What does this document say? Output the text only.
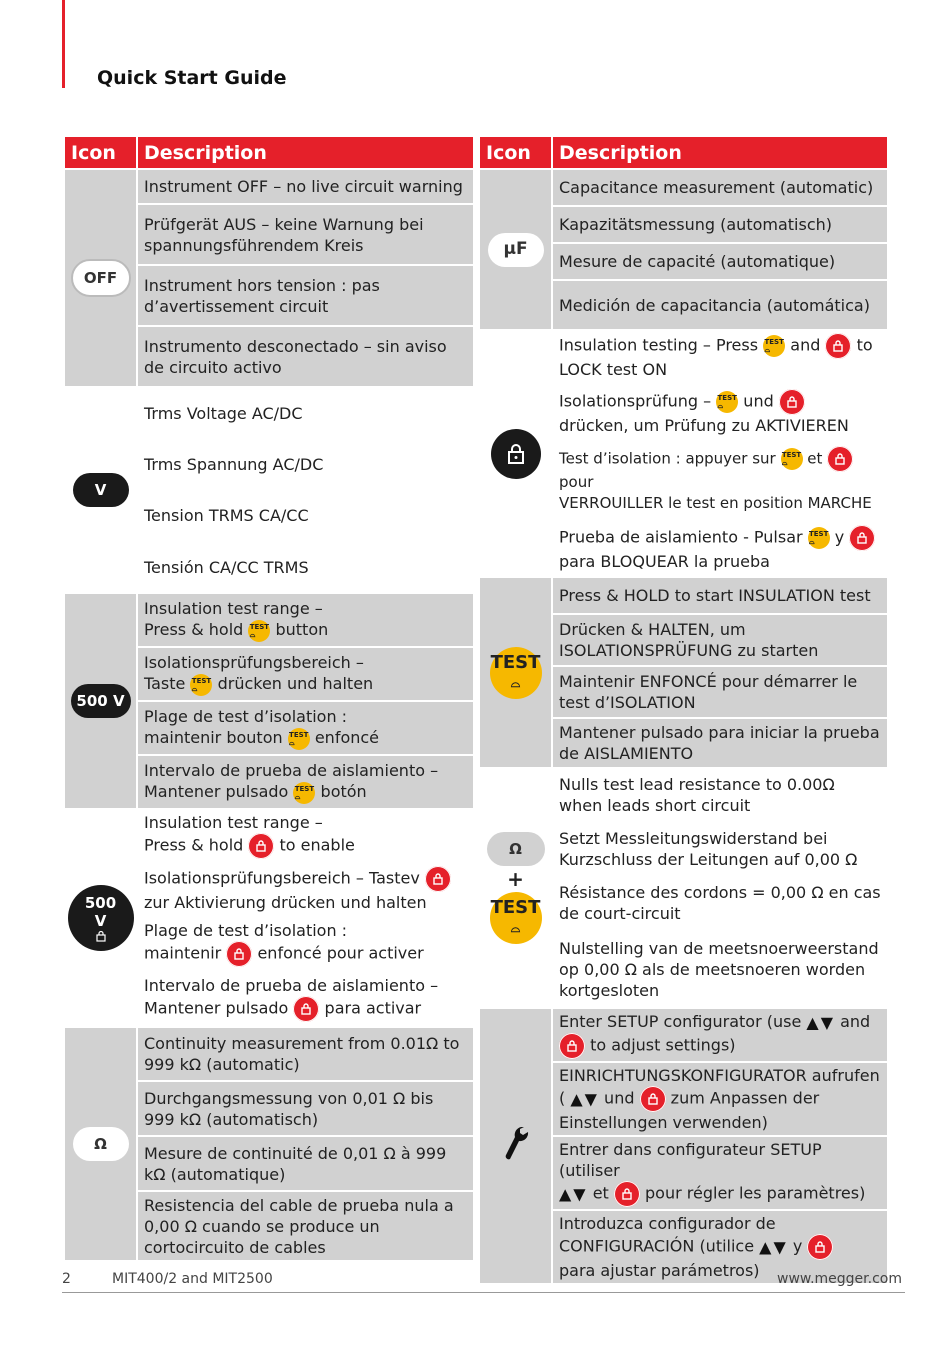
Quick Start Guide
Icon	Description
OFF	Instrument OFF – no live circuit warning
	Prüfgerät AUS – keine Warnung bei spannungsführendem Kreis
	Instrument hors tension : pas d’avertissement circuit
	Instrumento desconectado – sin aviso de circuito activo
V	Trms Voltage AC/DC
	Trms Spannung AC/DC
	Tension TRMS CA/CC
	Tensión CA/CC TRMS
500 V	Insulation test range –
Press & hold TEST
⌓ button
	Isolationsprüfungsbereich –
Taste TEST
⌓ drücken und halten
	Plage de test d’isolation :
maintenir bouton TEST
⌓ enfoncé
	Intervalo de prueba de aislamiento –
Mantener pulsado TEST
⌓ botón

500
V	Insulation test range –
Press & hold to enable
	Isolationsprüfungsbereich – Tastev

zur Aktivierung drücken und halten
	Plage de test d’isolation :
maintenir enfoncé pour activer
	Intervalo de prueba de aislamiento –
Mantener pulsado para activar
Ω	Continuity measurement from 0.01Ω to 999 kΩ (automatic)
	Durchgangsmessung von 0,01 Ω bis 999 kΩ (automatisch)
	Mesure de continuité de 0,01 Ω à 999 kΩ (automatique)
	Resistencia del cable de prueba nula a 0,00 Ω cuando se produce un cortocircuito de cables
Icon	Description
μF	Capacitance measurement (automatic)
	Kapazitätsmessung (automatisch)
	Mesure de capacité (automatique)
	Medición de capacitancia (automática)

	Insulation testing – Press TEST
⌓ and to
LOCK test ON
	Isolationsprüfung – TEST
⌓ und

drücken, um Prüfung zu AKTIVIEREN
	Test d’isolation : appuyer sur TEST
⌓ et
pour
VERROUILLER le test en position MARCHE
	Prueba de aislamiento - Pulsar TEST
⌓ y

para BLOQUEAR la prueba

TEST
⌓	Press & HOLD to start INSULATION test
	Drücken & HALTEN, um ISOLATIONSPRÜFUNG zu starten
	Maintenir ENFONCÉ pour démarrer le test d’ISOLATION
	Mantener pulsado para iniciar la prueba de AISLAMIENTO

Ω
+
TEST
⌓	Nulls test lead resistance to 0.00Ω when leads short circuit
	Setzt Messleitungswiderstand bei Kurzschluss der Leitungen auf 0,00 Ω
	Résistance des cordons = 0,00 Ω en cas de court-circuit
	Nulstelling van de meetsnoerweerstand op 0,00 Ω als de meetsnoeren worden kortgesloten
	Enter SETUP configurator (use ▲▼ and

to adjust settings)
	EINRICHTUNGSKONFIGURATOR aufrufen
( ▲▼ und zum Anpassen der Einstellungen verwenden)
	Entrer dans configurateur SETUP (utiliser
▲▼ et pour régler les paramètres)
	Introduzca configurador de
CONFIGURACIÓN (utilice ▲▼ y

para ajustar parámetros)
2	MIT400/2 and MIT2500	www.megger.com
